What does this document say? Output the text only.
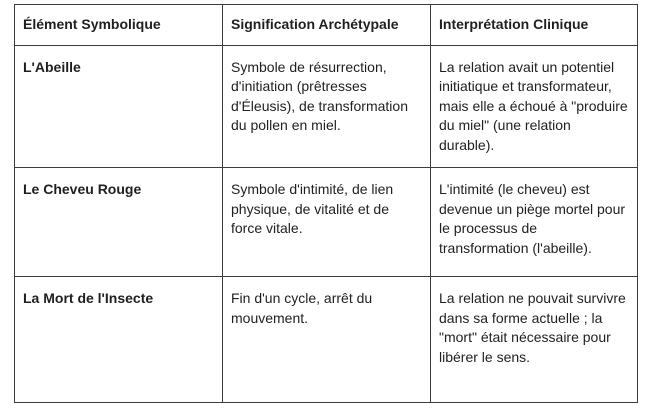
Élément Symbolique	Signification Archétypale	Interprétation Clinique
L'Abeille	Symbole de résurrection, d'initiation (prêtresses d'Éleusis), de transformation du pollen en miel.	La relation avait un potentiel initiatique et transformateur, mais elle a échoué à "produire du miel" (une relation durable).
Le Cheveu Rouge	Symbole d'intimité, de lien physique, de vitalité et de force vitale.	L'intimité (le cheveu) est devenue un piège mortel pour le processus de transformation (l'abeille).
La Mort de l'Insecte	Fin d'un cycle, arrêt du mouvement.	La relation ne pouvait survivre dans sa forme actuelle ; la "mort" était nécessaire pour libérer le sens.
